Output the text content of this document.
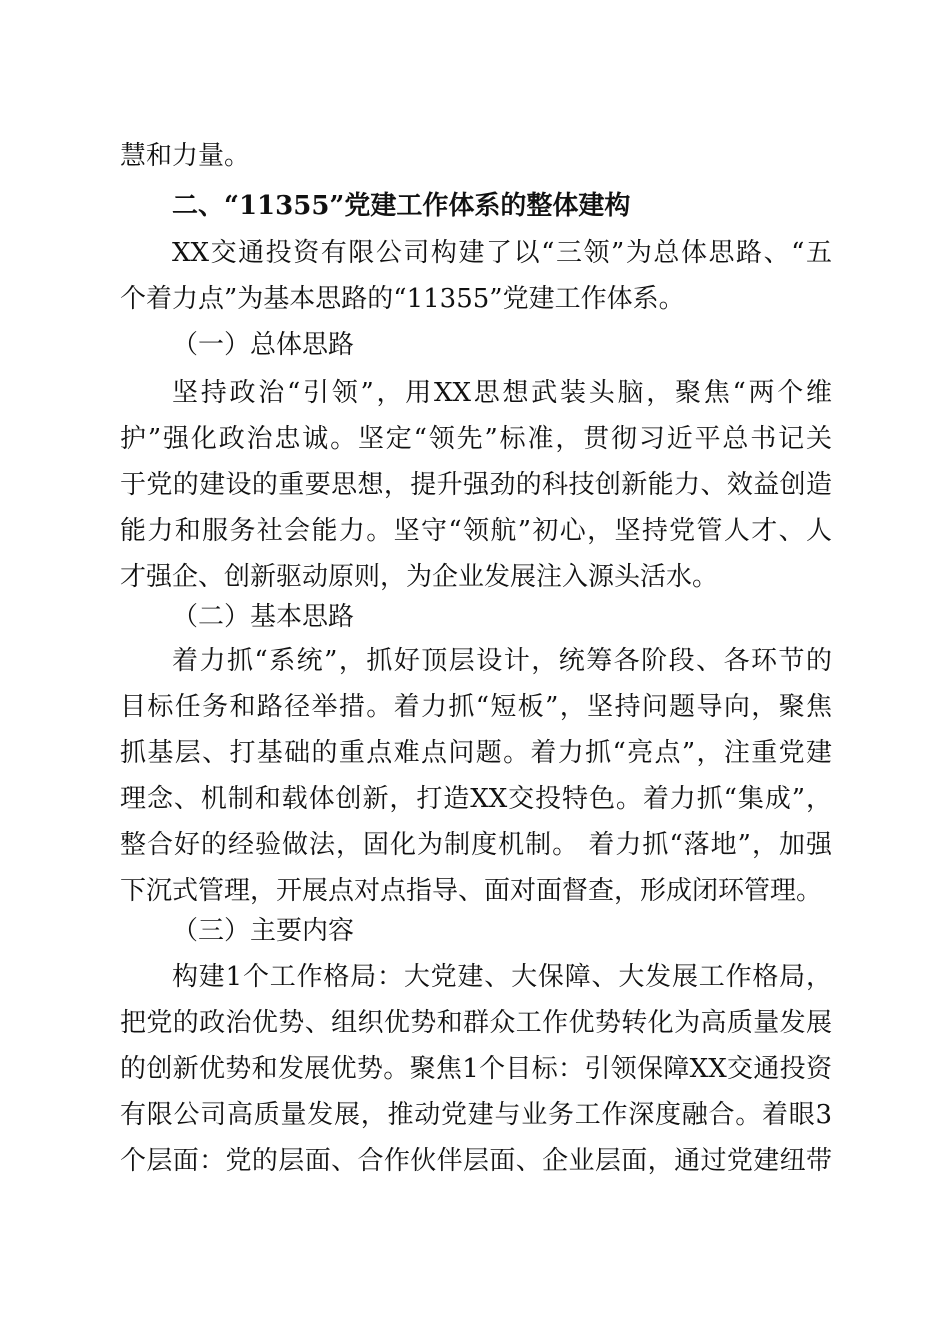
慧和力量。
二、“11355”党建工作体系的整体建构
XX交通投资有限公司构建了以“三领”为总体思路、“五
个着力点”为基本思路的“11355”党建工作体系。
（一）总体思路
坚持政治“引领”，用XX思想武装头脑，聚焦“两个维
护”强化政治忠诚。坚定“领先”标准，贯彻习近平总书记关
于党的建设的重要思想，提升强劲的科技创新能力、效益创造
能力和服务社会能力。坚守“领航”初心，坚持党管人才、人
才强企、创新驱动原则，为企业发展注入源头活水。
（二）基本思路
着力抓“系统”，抓好顶层设计，统筹各阶段、各环节的
目标任务和路径举措。着力抓“短板”，坚持问题导向，聚焦
抓基层、打基础的重点难点问题。着力抓“亮点”，注重党建
理念、机制和载体创新，打造XX交投特色。着力抓“集成”，
整合好的经验做法，固化为制度机制。 着力抓“落地”，加强
下沉式管理，开展点对点指导、面对面督查，形成闭环管理。
（三）主要内容
构建1个工作格局：大党建、大保障、大发展工作格局，
把党的政治优势、组织优势和群众工作优势转化为高质量发展
的创新优势和发展优势。聚焦1个目标：引领保障XX交通投资
有限公司高质量发展，推动党建与业务工作深度融合。着眼3
个层面：党的层面、合作伙伴层面、企业层面，通过党建纽带
